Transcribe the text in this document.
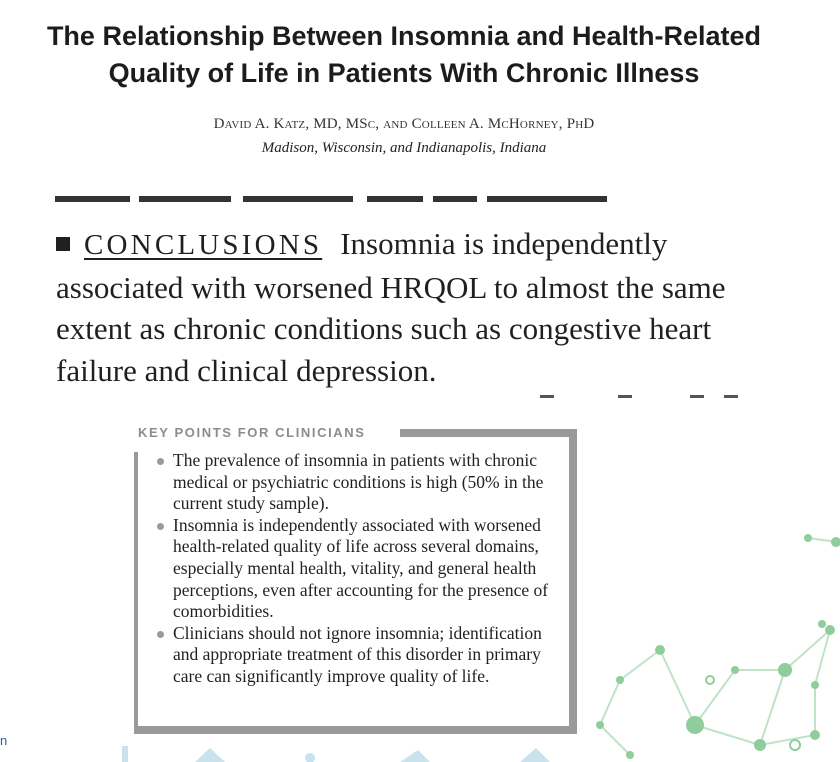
The Relationship Between Insomnia and Health-Related
Quality of Life in Patients With Chronic Illness
David A. Katz, MD, MSc, and Colleen A. McHorney, PhD
Madison, Wisconsin, and Indianapolis, Indiana
CONCLUSIONS Insomnia is independently associated with worsened HRQOL to almost the same extent as chronic conditions such as congestive heart failure and clinical depression.
KEY POINTS FOR CLINICIANS
The prevalence of insomnia in patients with chronic medical or psychiatric conditions is high (50% in the current study sample).
Insomnia is independently associated with worsened health-related quality of life across several domains, especially mental health, vitality, and general health perceptions, even after accounting for the presence of comorbidities.
Clinicians should not ignore insomnia; identification and appropriate treatment of this disorder in primary care can significantly improve quality of life.
n
